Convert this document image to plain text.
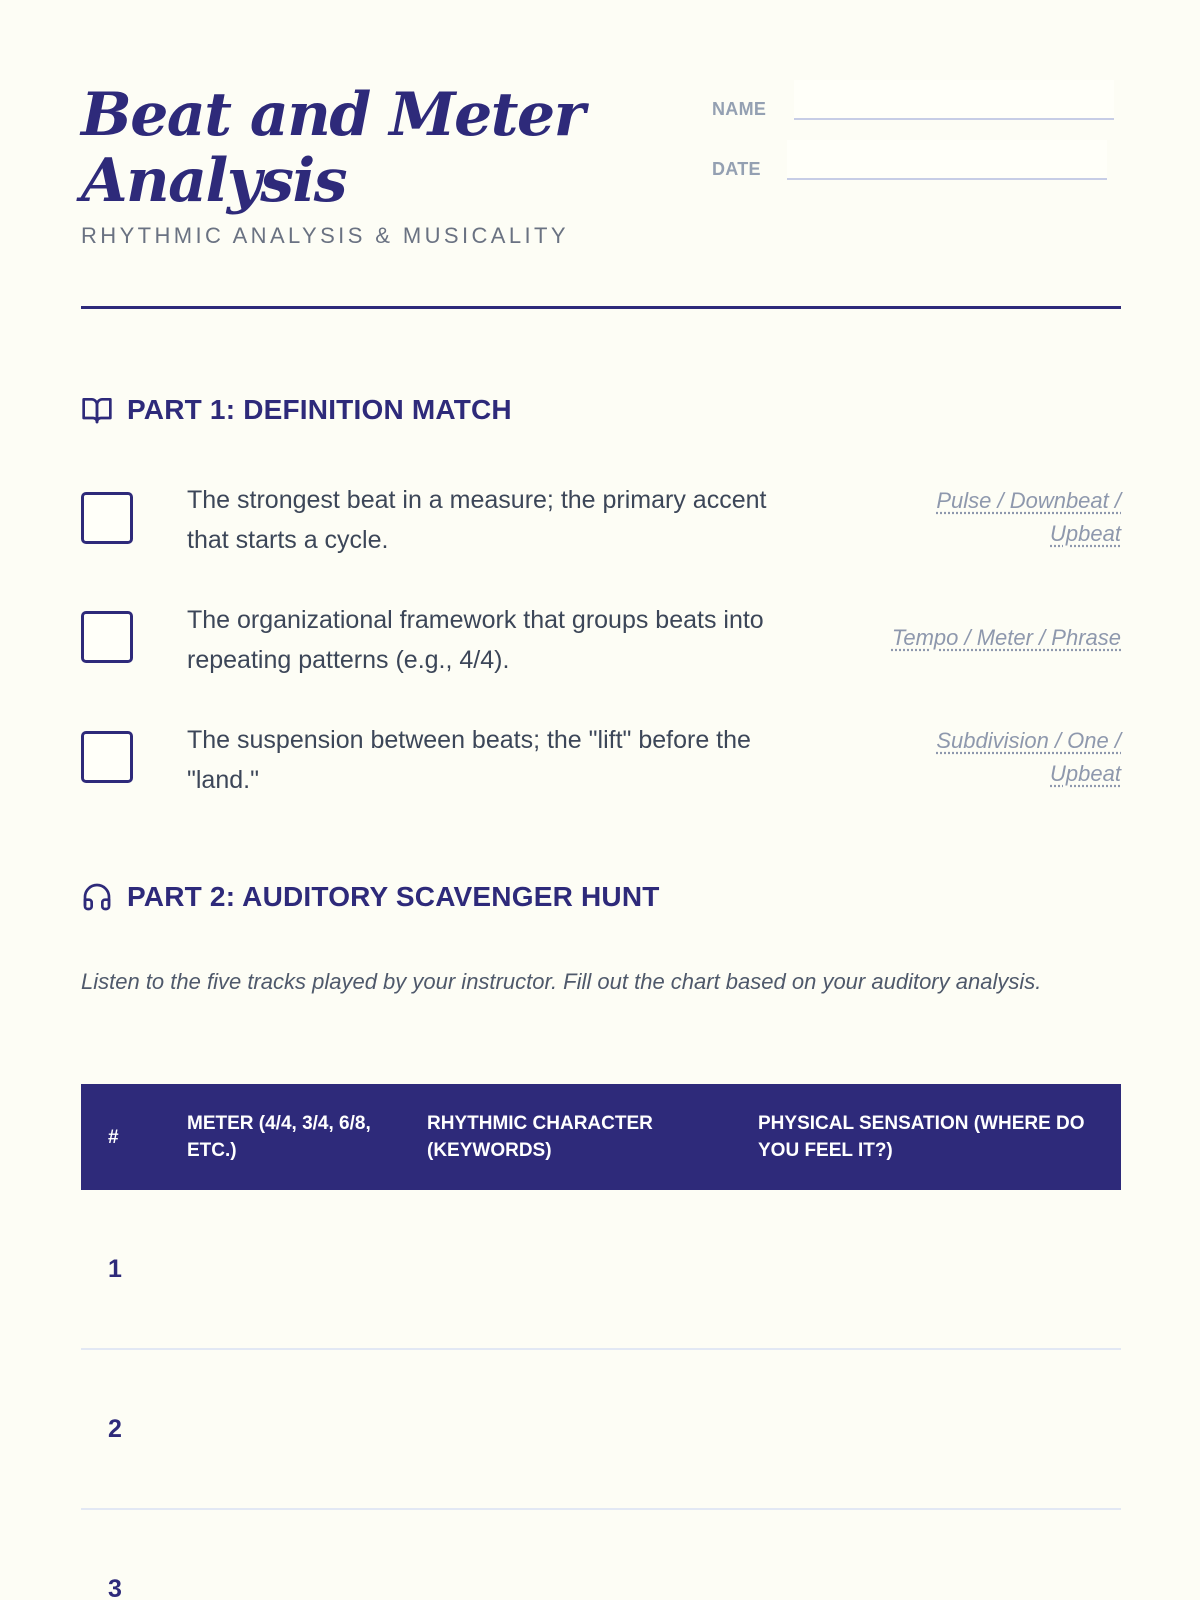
Beat and Meter Analysis
RHYTHMIC ANALYSIS & MUSICALITY
NAME
DATE
PART 1: DEFINITION MATCH
The strongest beat in a measure; the primary accent that starts a cycle.
Pulse / Downbeat / Upbeat
The organizational framework that groups beats into repeating patterns (e.g., 4/4).
Tempo / Meter / Phrase
The suspension between beats; the "lift" before the "land."
Subdivision / One / Upbeat
PART 2: AUDITORY SCAVENGER HUNT

Listen to the five tracks played by your instructor. Fill out the chart based on your auditory analysis.

#
METER (4/4, 3/4, 6/8, ETC.)
RHYTHMIC CHARACTER (KEYWORDS)
PHYSICAL SENSATION (WHERE DO YOU FEEL IT?)
1
2
3
